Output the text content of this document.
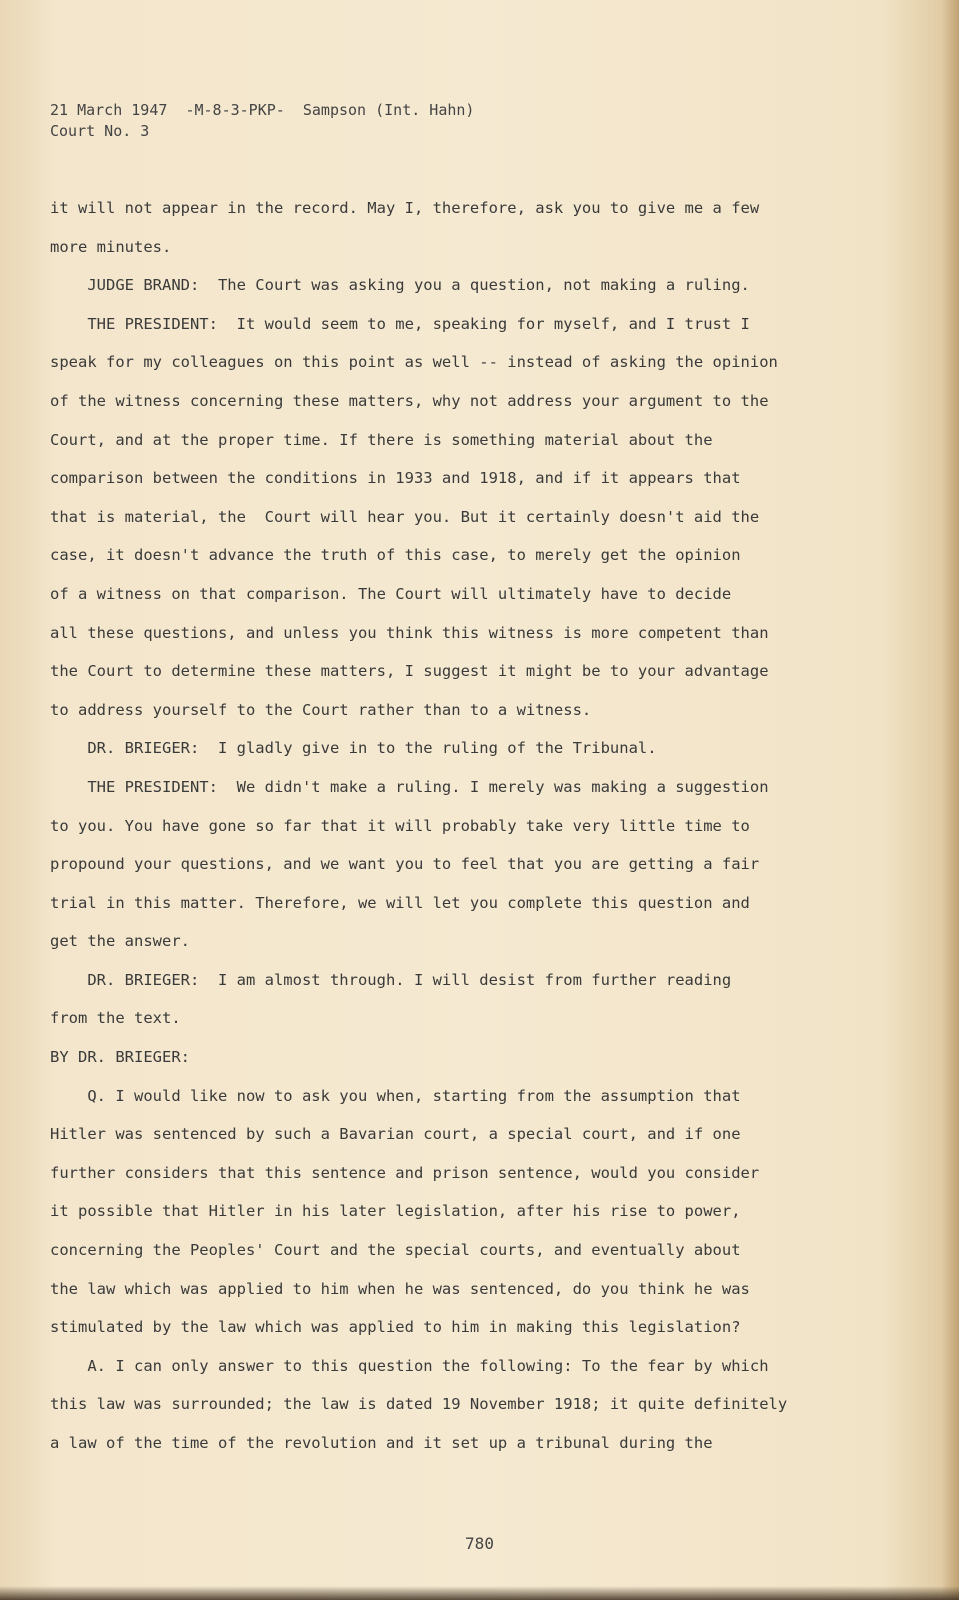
21 March 1947  -M-8-3-PKP-  Sampson (Int. Hahn)
Court No. 3
it will not appear in the record. May I, therefore, ask you to give me a few
more minutes.
JUDGE BRAND:  The Court was asking you a question, not making a ruling.
THE PRESIDENT:  It would seem to me, speaking for myself, and I trust I
speak for my colleagues on this point as well -- instead of asking the opinion
of the witness concerning these matters, why not address your argument to the
Court, and at the proper time. If there is something material about the
comparison between the conditions in 1933 and 1918, and if it appears that
that is material, the  Court will hear you. But it certainly doesn't aid the
case, it doesn't advance the truth of this case, to merely get the opinion
of a witness on that comparison. The Court will ultimately have to decide
all these questions, and unless you think this witness is more competent than
the Court to determine these matters, I suggest it might be to your advantage
to address yourself to the Court rather than to a witness.
DR. BRIEGER:  I gladly give in to the ruling of the Tribunal.
THE PRESIDENT:  We didn't make a ruling. I merely was making a suggestion
to you. You have gone so far that it will probably take very little time to
propound your questions, and we want you to feel that you are getting a fair
trial in this matter. Therefore, we will let you complete this question and
get the answer.
DR. BRIEGER:  I am almost through. I will desist from further reading
from the text.
BY DR. BRIEGER:
Q. I would like now to ask you when, starting from the assumption that
Hitler was sentenced by such a Bavarian court, a special court, and if one
further considers that this sentence and prison sentence, would you consider
it possible that Hitler in his later legislation, after his rise to power,
concerning the Peoples' Court and the special courts, and eventually about
the law which was applied to him when he was sentenced, do you think he was
stimulated by the law which was applied to him in making this legislation?
A. I can only answer to this question the following: To the fear by which
this law was surrounded; the law is dated 19 November 1918; it quite definitely
a law of the time of the revolution and it set up a tribunal during the
780
